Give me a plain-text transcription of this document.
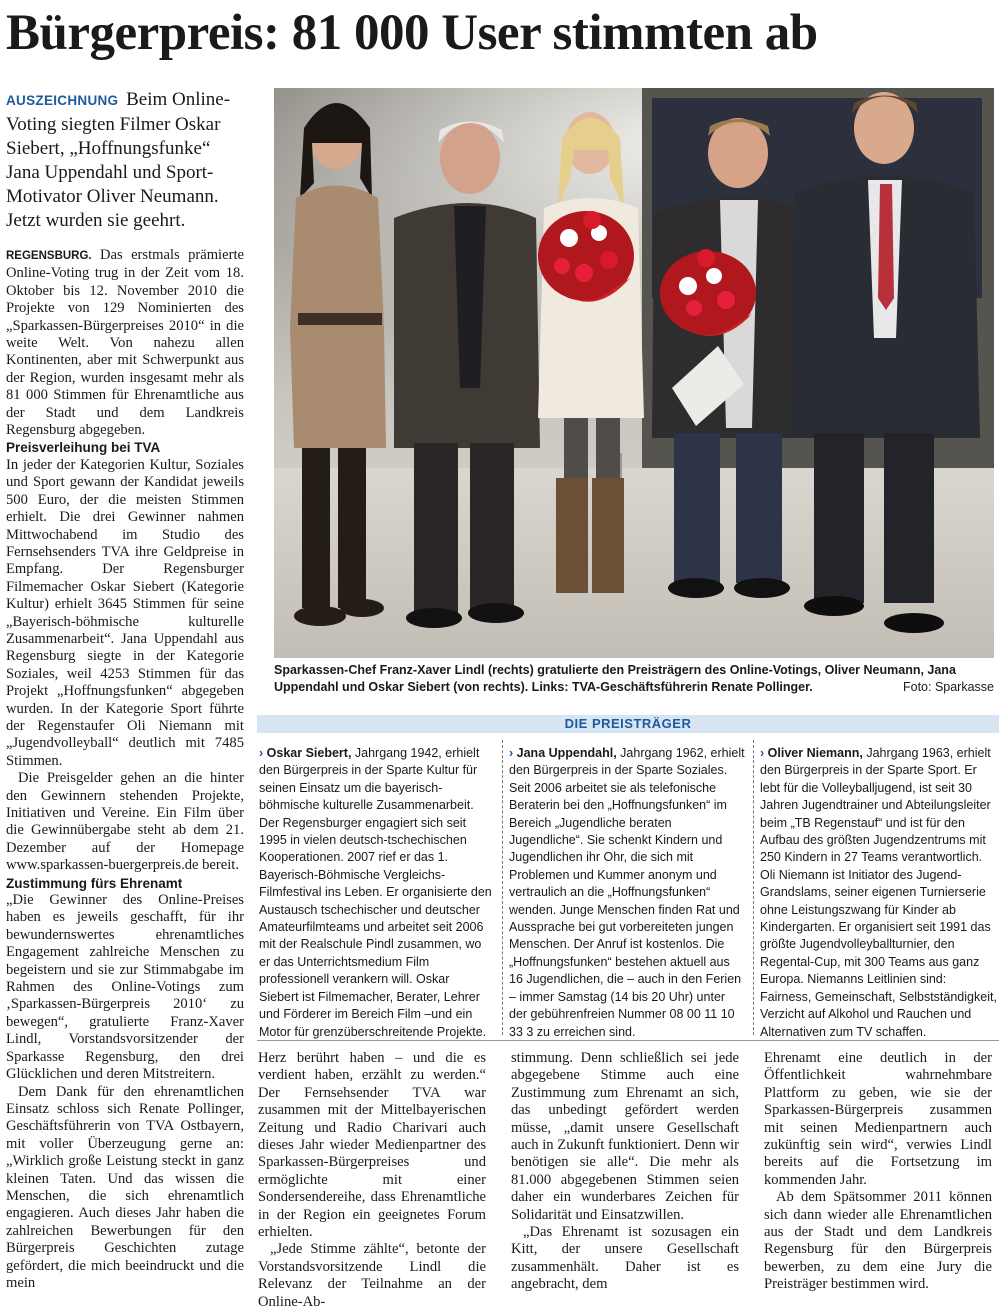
Bürgerpreis: 81 000 User stimmten ab

AUSZEICHNUNG Beim Online-Voting siegten Filmer Oskar Siebert, „Hoffnungsfunke“ Jana Uppendahl und Sport-Motivator Oliver Neumann. Jetzt wurden sie geehrt.

REGENSBURG. Das erstmals prämierte Online-Voting trug in der Zeit vom 18. Oktober bis 12. November 2010 die Projekte von 129 Nominierten des „Sparkassen-Bürgerpreises 2010“ in die weite Welt. Von nahezu allen Kontinenten, aber mit Schwerpunkt aus der Region, wurden insgesamt mehr als 81 000 Stimmen für Ehrenamtliche aus der Stadt und dem Landkreis Regensburg abgegeben.

Preisverleihung bei TVA

In jeder der Kategorien Kultur, Soziales und Sport gewann der Kandidat jeweils 500 Euro, der die meisten Stimmen erhielt. Die drei Gewinner nahmen Mittwochabend im Studio des Fernsehsenders TVA ihre Geldpreise in Empfang. Der Regensburger Filmemacher Oskar Siebert (Kategorie Kultur) erhielt 3645 Stimmen für seine „Bayerisch-böhmische kulturelle Zusammenarbeit“. Jana Uppendahl aus Regensburg siegte in der Kategorie Soziales, weil 4253 Stimmen für das Projekt „Hoffnungsfunken“ abgegeben wurden. In der Kategorie Sport führte der Regenstaufer Oli Niemann mit „Jugendvolleyball“ deutlich mit 7485 Stimmen.

Die Preisgelder gehen an die hinter den Gewinnern stehenden Projekte, Initiativen und Vereine. Ein Film über die Gewinnübergabe steht ab dem 21. Dezember auf der Homepage www.sparkassen-buergerpreis.de bereit.

Zustimmung fürs Ehrenamt

„Die Gewinner des Online-Preises haben es jeweils geschafft, für ihr bewundernswertes ehrenamtliches Engagement zahlreiche Menschen zu begeistern und sie zur Stimmabgabe im Rahmen des Online-Votings zum ‚Sparkassen-Bürgerpreis 2010‘ zu bewegen“, gratulierte Franz-Xaver Lindl, Vorstandsvorsitzender der Sparkasse Regensburg, den drei Glücklichen und deren Mitstreitern.

Dem Dank für den ehrenamtlichen Einsatz schloss sich Renate Pollinger, Geschäftsführerin von TVA Ostbayern, mit voller Überzeugung gerne an: „Wirklich große Leistung steckt in ganz kleinen Taten. Und das wissen die Menschen, die sich ehrenamtlich engagieren. Auch dieses Jahr haben die zahlreichen Bewerbungen für den Bürgerpreis Geschichten zutage gefördert, die mich beeindruckt und die mein

Sparkassen-Chef Franz-Xaver Lindl (rechts) gratulierte den Preisträgern des Online-Votings, Oliver Neumann, Jana Uppendahl und Oskar Siebert (von rechts). Links: TVA-Geschäftsführerin Renate Pollinger.	Foto: Sparkasse

DIE PREISTRÄGER

› Oskar Siebert, Jahrgang 1942, erhielt den Bürgerpreis in der Sparte Kultur für seinen Einsatz um die bayerisch-böhmische kulturelle Zusammenarbeit. Der Regensburger engagiert sich seit 1995 in vielen deutsch-tschechischen Kooperationen. 2007 rief er das 1. Bayerisch-Böhmische Vergleichs-Filmfestival ins Leben. Er organisierte den Austausch tschechischer und deutscher Amateurfilmteams und arbeitet seit 2006 mit der Realschule Pindl zusammen, wo er das Unterrichtsmedium Film professionell verankern will. Oskar Siebert ist Filmemacher, Berater, Lehrer und Förderer im Bereich Film –und ein Motor für grenzüberschreitende Projekte.

› Jana Uppendahl, Jahrgang 1962, erhielt den Bürgerpreis in der Sparte Soziales. Seit 2006 arbeitet sie als telefonische Beraterin bei den „Hoffnungsfunken“ im Bereich „Jugendliche beraten Jugendliche“. Sie schenkt Kindern und Jugendlichen ihr Ohr, die sich mit Problemen und Kummer anonym und vertraulich an die „Hoffnungsfunken“ wenden. Junge Menschen finden Rat und Aussprache bei gut vorbereiteten jungen Menschen. Der Anruf ist kostenlos. Die „Hoffnungsfunken“ bestehen aktuell aus 16 Jugendlichen, die – auch in den Ferien – immer Samstag (14 bis 20 Uhr) unter der gebührenfreien Nummer 08 00 11 10 33 3 zu erreichen sind.

› Oliver Niemann, Jahrgang 1963, erhielt den Bürgerpreis in der Sparte Sport. Er lebt für die Volleyballjugend, ist seit 30 Jahren Jugendtrainer und Abteilungsleiter beim „TB Regenstauf“ und ist für den Aufbau des größten Jugendzentrums mit 250 Kindern in 27 Teams verantwortlich. Oli Niemann ist Initiator des Jugend-Grandslams, seiner eigenen Turnierserie ohne Leistungszwang für Kinder ab Kindergarten. Er organisiert seit 1991 das größte Jugendvolleyballturnier, den Regental-Cup, mit 300 Teams aus ganz Europa. Niemanns Leitlinien sind: Fairness, Gemeinschaft, Selbstständigkeit, Verzicht auf Alkohol und Rauchen und Alternativen zum TV schaffen.

Herz berührt haben – und die es verdient haben, erzählt zu werden.“ Der Fernsehsender TVA war zusammen mit der Mittelbayerischen Zeitung und Radio Charivari auch dieses Jahr wieder Medienpartner des Sparkassen-Bürgerpreises und ermöglichte mit einer Sondersendereihe, dass Ehrenamtliche in der Region ein geeignetes Forum erhielten.

„Jede Stimme zählte“, betonte der Vorstandsvorsitzende Lindl die Relevanz der Teilnahme an der Online-Ab-

stimmung. Denn schließlich sei jede abgegebene Stimme auch eine Zustimmung zum Ehrenamt an sich, das unbedingt gefördert werden müsse, „damit unsere Gesellschaft auch in Zukunft funktioniert. Denn wir benötigen sie alle“. Die mehr als 81.000 abgegebenen Stimmen seien daher ein wunderbares Zeichen für Solidarität und Einsatzwillen.

„Das Ehrenamt ist sozusagen ein Kitt, der unsere Gesellschaft zusammenhält. Daher ist es angebracht, dem

Ehrenamt eine deutlich in der Öffentlichkeit wahrnehmbare Plattform zu geben, wie sie der Sparkassen-Bürgerpreis zusammen mit seinen Medienpartnern auch zukünftig sein wird“, verwies Lindl bereits auf die Fortsetzung im kommenden Jahr.

Ab dem Spätsommer 2011 können sich dann wieder alle Ehrenamtlichen aus der Stadt und dem Landkreis Regensburg für den Bürgerpreis bewerben, zu dem eine Jury die Preisträger bestimmen wird.
